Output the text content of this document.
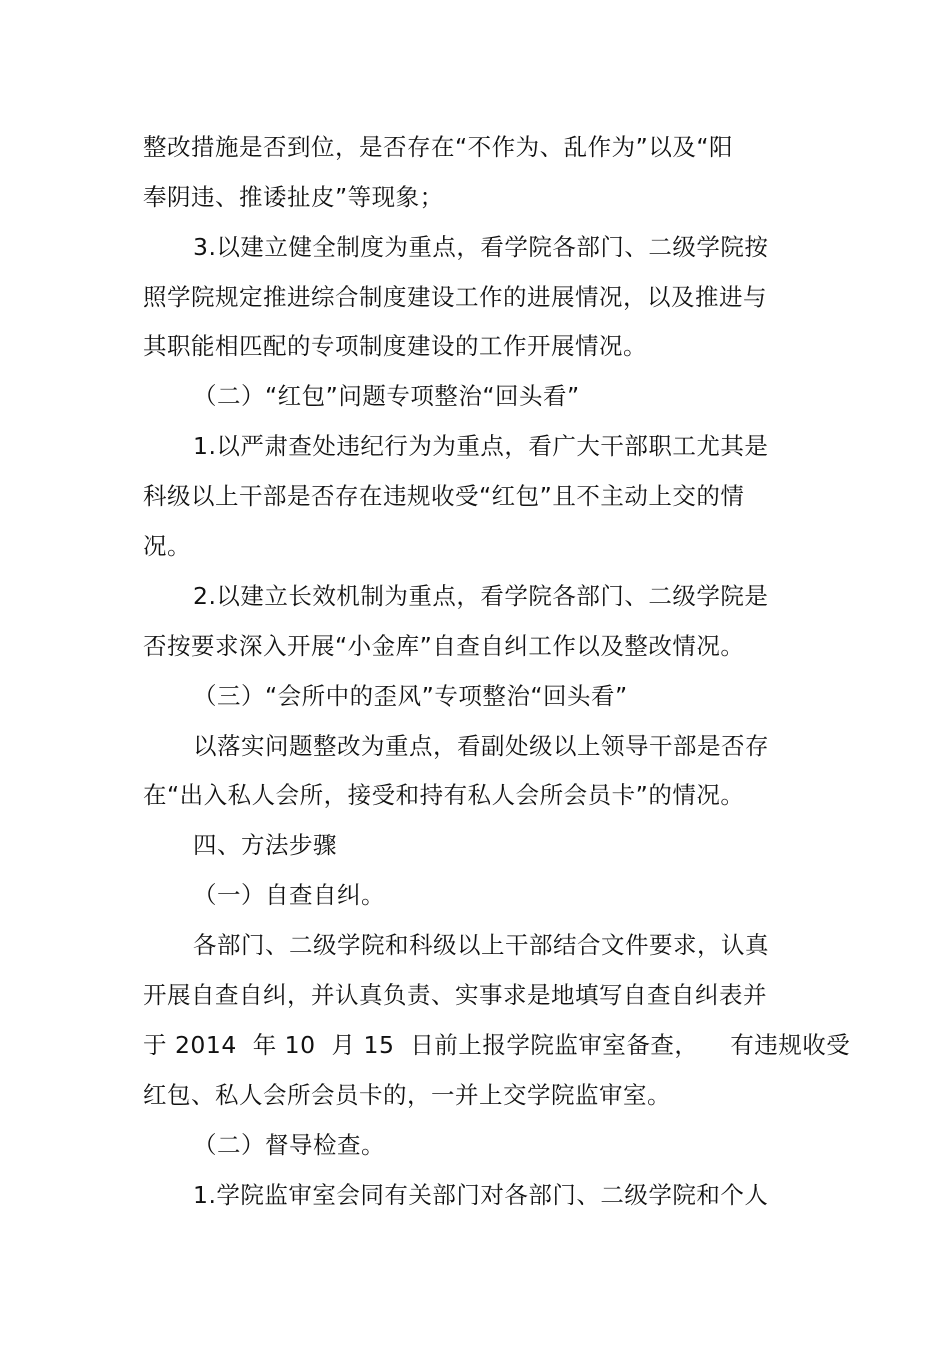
整改措施是否到位，是否存在“不作为、乱作为”以及“阳
奉阴违、推诿扯皮”等现象；
3.以建立健全制度为重点，看学院各部门、二级学院按
照学院规定推进综合制度建设工作的进展情况，以及推进与
其职能相匹配的专项制度建设的工作开展情况。
（二）“红包”问题专项整治“回头看”
1.以严肃查处违纪行为为重点，看广大干部职工尤其是
科级以上干部是否存在违规收受“红包”且不主动上交的情
况。
2.以建立长效机制为重点，看学院各部门、二级学院是
否按要求深入开展“小金库”自查自纠工作以及整改情况。
（三）“会所中的歪风”专项整治“回头看”
以落实问题整改为重点，看副处级以上领导干部是否存
在“出入私人会所，接受和持有私人会所会员卡”的情况。
四、方法步骤
（一）自查自纠。
各部门、二级学院和科级以上干部结合文件要求，认真
开展自查自纠，并认真负责、实事求是地填写自查自纠表并
于 2014  年 10  月 15  日前上报学院监审室备查，    有违规收受
红包、私人会所会员卡的，一并上交学院监审室。
（二）督导检查。
1.学院监审室会同有关部门对各部门、二级学院和个人
